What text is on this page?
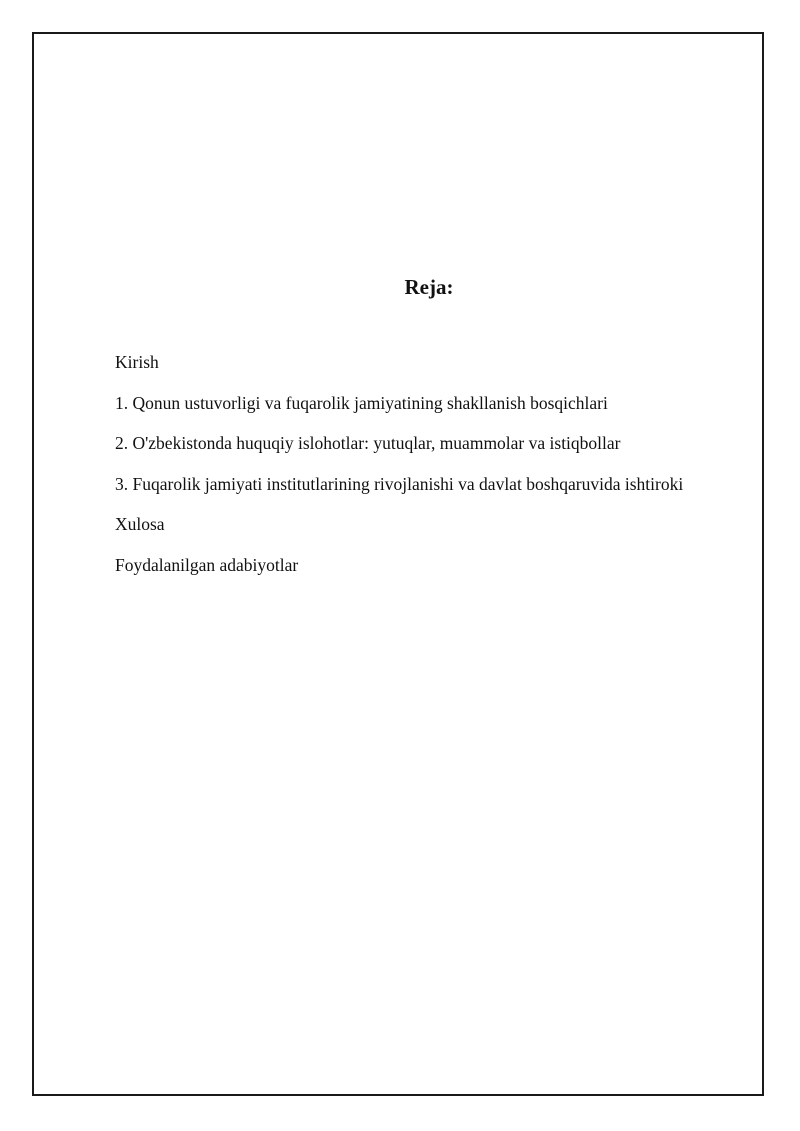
Reja:
Kirish
1. Qonun ustuvorligi va fuqarolik jamiyatining shakllanish bosqichlari
2. O'zbekistonda huquqiy islohotlar: yutuqlar, muammolar va istiqbollar
3. Fuqarolik jamiyati institutlarining rivojlanishi va davlat boshqaruvida ishtiroki
Xulosa
Foydalanilgan adabiyotlar
